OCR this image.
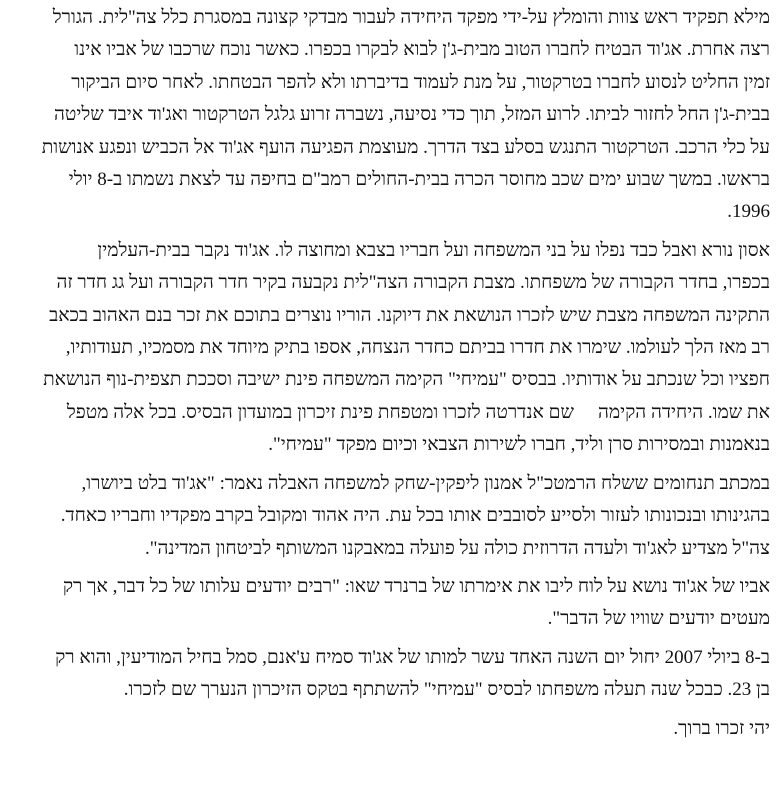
מילא תפקיד ראש צוות והומלץ על-ידי מפקד היחידה לעבור מבדקי קצונה במסגרת כלל צה"לית. הגורל
רצה אחרת. אג'וד הבטיח לחברו הטוב מבית-ג'ן לבוא לבקרו בכפרו. כאשר נוכח שרכבו של אביו אינו
זמין החליט לנסוע לחברו בטרקטור, על מנת לעמוד בדיברתו ולא להפר הבטחתו. לאחר סיום הביקור
בבית-ג'ן החל לחזור לביתו. לרוע המזל, תוך כדי נסיעה, נשברה זרוע גלגל הטרקטור ואג'וד איבד שליטה
על כלי הרכב. הטרקטור התנגש בסלע בצד הדרך. מעוצמת הפגיעה הועף אג'וד אל הכביש ונפגע אנושות
בראשו. במשך שבוע ימים שכב מחוסר הכרה בבית-החולים רמב"ם בחיפה עד לצאת נשמתו ב-8 יולי
1996.

אסון נורא ואבל כבד נפלו על בני המשפחה ועל חבריו בצבא ומחוצה לו. אג'וד נקבר בבית-העלמין
בכפרו, בחדר הקבורה של משפחתו. מצבת הקבורה הצה"לית נקבעה בקיר חדר הקבורה ועל גג חדר זה
התקינה המשפחה מצבת שיש לזכרו הנושאת את דיוקנו. הוריו נוצרים בתוכם את זכר בנם האהוב בכאב
רב מאז הלך לעולמו. שימרו את חדרו בביתם כחדר הנצחה, אספו בתיק מיוחד את מסמכיו, תעודותיו,
חפציו וכל שנכתב על אודותיו. בבסיס "עמיחי" הקימה המשפחה פינת ישיבה וסככת תצפית-נוף הנושאת
את שמו. היחידה הקימהשם אנדרטה לזכרו ומטפחת פינת זיכרון במועדון הבסיס. בכל אלה מטפל
בנאמנות ובמסירות סרן וליד, חברו לשירות הצבאי וכיום מפקד "עמיחי".

במכתב תנחומים ששלח הרמטכ"ל אמנון ליפקין-שחק למשפחה האבלה נאמר: "אג'וד בלט ביושרו,
בהגינותו ובנכונותו לעזור ולסייע לסובבים אותו בכל עת. היה אהוד ומקובל בקרב מפקדיו וחבריו כאחד.
צה"ל מצדיע לאג'וד ולעדה הדרוזית כולה על פועלה במאבקנו המשותף לביטחון המדינה".

אביו של אג'וד נושא על לוח ליבו את אימרתו של ברנרד שאו: "רבים יודעים עלותו של כל דבר, אך רק
מעטים יודעים שוויו של הדבר".

ב-8 ביולי 2007 יחול יום השנה האחד עשר למותו של אג'וד סמיח ע'אנם, סמל בחיל המודיעין, והוא רק
בן 23. כבכל שנה תעלה משפחתו לבסיס "עמיחי" להשתתף בטקס הזיכרון הנערך שם לזכרו.

יהי זכרו ברוך.
